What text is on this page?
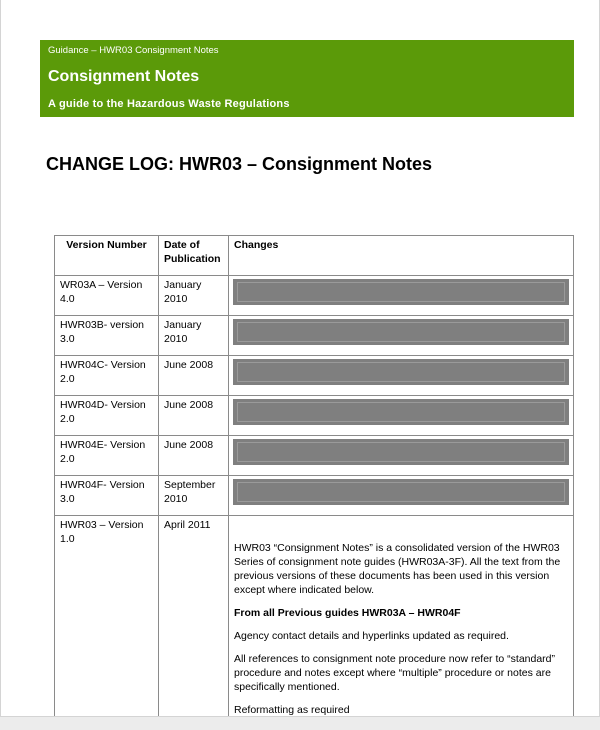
Guidance – HWR03 Consignment Notes
Consignment Notes
A guide to the Hazardous Waste Regulations
CHANGE LOG: HWR03 – Consignment Notes
Version Number	Date of Publication	Changes
WR03A – Version 4.0	January 2010	

HWR03B- version 3.0	January 2010	

HWR04C- Version 2.0	June 2008	

HWR04D- Version 2.0	June 2008	

HWR04E- Version 2.0	June 2008	

HWR04F- Version 3.0	September 2010	

HWR03 – Version 1.0	April 2011	HWR03 “Consignment Notes” is a consolidated version of the HWR03 Series of consignment note guides (HWR03A-3F). All the text from the previous versions of these documents has been used in this version except where indicated below.

From all Previous guides HWR03A – HWR04F

Agency contact details and hyperlinks updated as required.

All references to consignment note procedure now refer to “standard” procedure and notes except where “multiple” procedure or notes are specifically mentioned.

Reformatting as required
